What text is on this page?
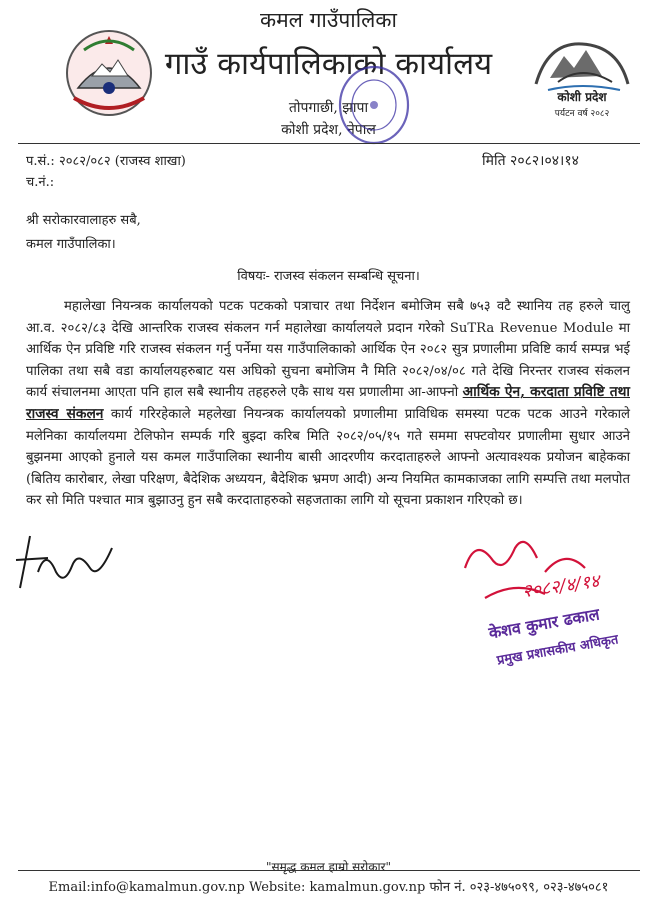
कोशी प्रदेश
पर्यटन वर्ष २०८२
कमल गाउँपालिका
गाउँ कार्यपालिकाको कार्यालय
तोपगाछी, झापा
कोशी प्रदेश, नेपाल
प.सं.: २०८२/०८२ (राजस्व शाखा)
च.नं.:
मिति २०८२।०४।१४
श्री सरोकारवालाहरु सबै,
कमल गाउँपालिका।
विषयः- राजस्व संकलन सम्बन्धि सूचना।
महालेखा नियन्त्रक कार्यालयको पटक पटकको पत्राचार तथा निर्देशन बमोजिम सबै ७५३ वटै स्थानिय तह हरुले चालु आ.व. २०८२/८३ देखि आन्तरिक राजस्व संकलन गर्न महालेखा कार्यालयले प्रदान गरेको SuTRa Revenue Module मा आर्थिक ऐन प्रविष्टि गरि राजस्व संकलन गर्नु पर्नेमा यस गाउँपालिकाको आर्थिक ऐन २०८२ सुत्र प्रणालीमा प्रविष्टि कार्य सम्पन्न भई पालिका तथा सबै वडा कार्यालयहरुबाट यस अघिको सुचना बमोजिम नै मिति २०८२/०४/०८ गते देखि निरन्तर राजस्व संकलन कार्य संचालनमा आएता पनि हाल सबै स्थानीय तहहरुले एकै साथ यस प्रणालीमा आ-आफ्नो आर्थिक ऐन, करदाता प्रविष्टि तथा राजस्व संकलन कार्य गरिरहेकाले महलेखा नियन्त्रक कार्यालयको प्रणालीमा प्राविधिक समस्या पटक पटक आउने गरेकाले मलेनिका कार्यालयमा टेलिफोन सम्पर्क गरि बुझ्दा करिब मिति २०८२/०५/१५ गते सममा सफ्टवोयर प्रणालीमा सुधार आउने बुझनमा आएको हुनाले यस कमल गाउँपालिका स्थानीय बासी आदरणीय करदाताहरुले आफ्नो अत्यावश्यक प्रयोजन बाहेकका (बितिय कारोबार, लेखा परिक्षण, बैदेशिक अध्ययन, बैदेशिक भ्रमण आदी) अन्य नियमित कामकाजका लागि सम्पत्ति तथा मलपोत कर सो मिति पश्चात मात्र बुझाउनु हुन सबै करदाताहरुको सहजताका लागि यो सूचना प्रकाशन गरिएको छ।
२०८२/४/१४
केशव कुमार ढकाल
प्रमुख प्रशासकीय अधिकृत
"समृद्ध कमल हाम्रो सरोकार"
Email:info@kamalmun.gov.np Website: kamalmun.gov.np फोन नं. ०२३-४७५०९९, ०२३-४७५०८१
